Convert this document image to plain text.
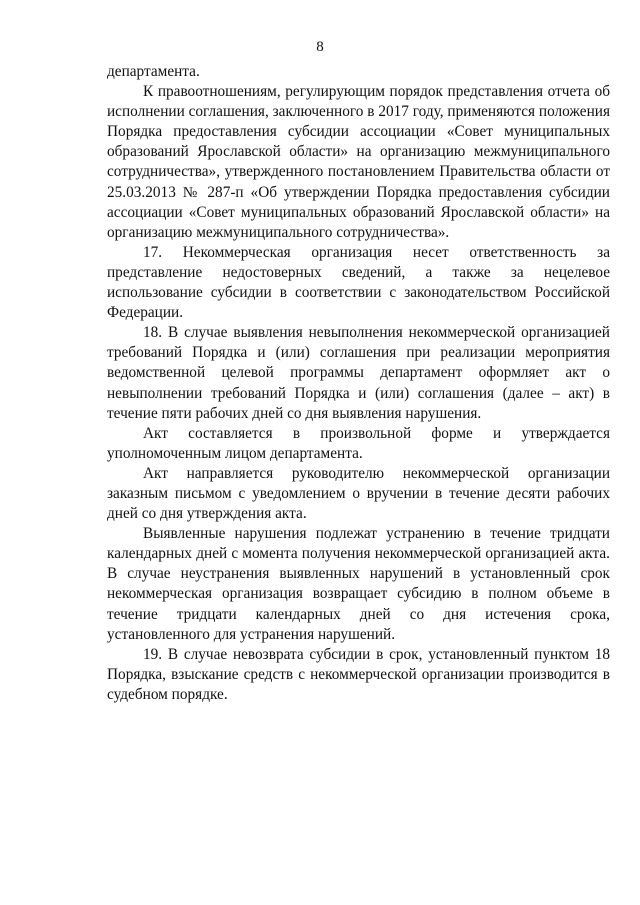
8

департамента.

К правоотношениям, регулирующим порядок представления отчета об исполнении соглашения, заключенного в 2017 году, применяются положения Порядка предоставления субсидии ассоциации «Совет муниципальных образований Ярославской области» на организацию межмуниципального сотрудничества», утвержденного постановлением Правительства области от 25.03.2013 № 287-п «Об утверждении Порядка предоставления субсидии ассоциации «Совет муниципальных образований Ярославской области» на организацию межмуниципального сотрудничества».

17. Некоммерческая организация несет ответственность за представление недостоверных сведений, а также за нецелевое использование субсидии в соответствии с законодательством Российской Федерации.

18. В случае выявления невыполнения некоммерческой организацией требований Порядка и (или) соглашения при реализации мероприятия ведомственной целевой программы департамент оформляет акт о невыполнении требований Порядка и (или) соглашения (далее – акт) в течение пяти рабочих дней со дня выявления нарушения.

Акт составляется в произвольной форме и утверждается уполномоченным лицом департамента.

Акт направляется руководителю некоммерческой организации заказным письмом с уведомлением о вручении в течение десяти рабочих дней со дня утверждения акта.

Выявленные нарушения подлежат устранению в течение тридцати календарных дней с момента получения некоммерческой организацией акта. В случае неустранения выявленных нарушений в установленный срок некоммерческая организация возвращает субсидию в полном объеме в течение тридцати календарных дней со дня истечения срока, установленного для устранения нарушений.

19. В случае невозврата субсидии в срок, установленный пунктом 18 Порядка, взыскание средств с некоммерческой организации производится в судебном порядке.
